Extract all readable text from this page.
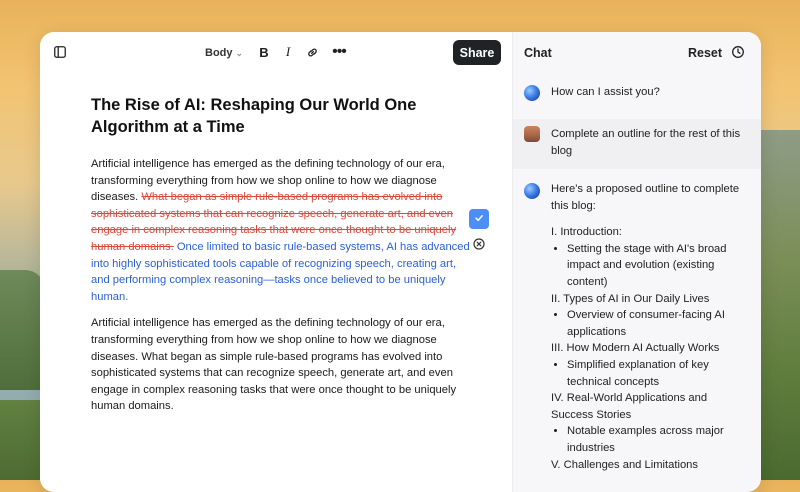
Body ⌄ B	I	•••	Share
The Rise of AI: Reshaping Our World One Algorithm at a Time

Artificial intelligence has emerged as the defining technology of our era, transforming everything from how we shop online to how we diagnose diseases. What began as simple rule-based programs has evolved into sophisticated systems that can recognize speech, generate art, and even engage in complex reasoning tasks that were once thought to be uniquely human domains. Once limited to basic rule-based systems, AI has advanced into highly sophisticated tools capable of recognizing speech, creating art, and performing complex reasoning—tasks once believed to be uniquely human.

Artificial intelligence has emerged as the defining technology of our era, transforming everything from how we shop online to how we diagnose diseases. What began as simple rule-based programs has evolved into sophisticated systems that can recognize speech, generate art, and even engage in complex reasoning tasks that were once thought to be uniquely human domains.

Chat	Reset
How can I assist you?
Complete an outline for the rest of this blog
Here's a proposed outline to complete this blog:
I. Introduction:
• Setting the stage with AI's broad impact and evolution (existing content)
II. Types of AI in Our Daily Lives
• Overview of consumer-facing AI applications
III. How Modern AI Actually Works
• Simplified explanation of key technical concepts
IV. Real-World Applications and Success Stories
• Notable examples across major industries
V. Challenges and Limitations
